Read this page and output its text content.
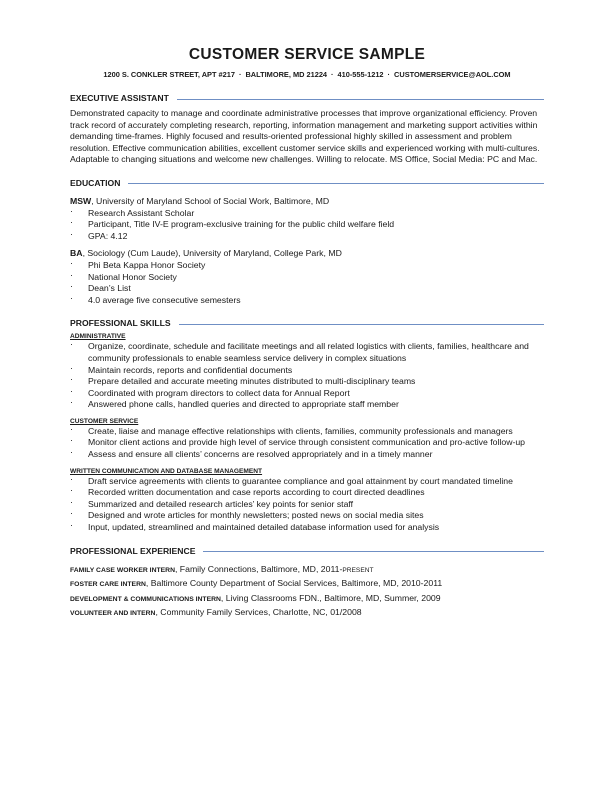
CUSTOMER SERVICE SAMPLE
1200 S. CONKLER STREET, APT #217 · BALTIMORE, MD 21224 · 410-555-1212 · CUSTOMERSERVICE@AOL.COM
EXECUTIVE ASSISTANT

Demonstrated capacity to manage and coordinate administrative processes that improve organizational efficiency. Proven track record of accurately completing research, reporting, information management and marketing support activities within demanding time-frames. Highly focused and results-oriented professional highly skilled in assessment and problem resolution. Effective communication abilities, excellent customer service skills and experienced working with multi-cultures. Adaptable to changing situations and welcome new challenges. Willing to relocate. MS Office, Social Media: PC and Mac.

EDUCATION
MSW, University of Maryland School of Social Work, Baltimore, MD
· Research Assistant Scholar
· Participant, Title IV-E program-exclusive training for the public child welfare field
· GPA: 4.12
BA, Sociology (Cum Laude), University of Maryland, College Park, MD
· Phi Beta Kappa Honor Society
· National Honor Society
· Dean’s List
· 4.0 average five consecutive semesters
PROFESSIONAL SKILLS
ADMINISTRATIVE
· Organize, coordinate, schedule and facilitate meetings and all related logistics with clients, families, healthcare and community professionals to enable seamless service delivery in complex situations
· Maintain records, reports and confidential documents
· Prepare detailed and accurate meeting minutes distributed to multi-disciplinary teams
· Coordinated with program directors to collect data for Annual Report
· Answered phone calls, handled queries and directed to appropriate staff member
CUSTOMER SERVICE
· Create, liaise and manage effective relationships with clients, families, community professionals and managers
· Monitor client actions and provide high level of service through consistent communication and pro-active follow-up
· Assess and ensure all clients’ concerns are resolved appropriately and in a timely manner
WRITTEN COMMUNICATION AND DATABASE MANAGEMENT
· Draft service agreements with clients to guarantee compliance and goal attainment by court mandated timeline
· Recorded written documentation and case reports according to court directed deadlines
· Summarized and detailed research articles’ key points for senior staff
· Designed and wrote articles for monthly newsletters; posted news on social media sites
· Input, updated, streamlined and maintained detailed database information used for analysis
PROFESSIONAL EXPERIENCE
FAMILY CASE WORKER INTERN, Family Connections, Baltimore, MD, 2011-PRESENT
FOSTER CARE INTERN, Baltimore County Department of Social Services, Baltimore, MD, 2010-2011
DEVELOPMENT & COMMUNICATIONS INTERN, Living Classrooms FDN., Baltimore, MD, Summer, 2009
VOLUNTEER AND INTERN, Community Family Services, Charlotte, NC, 01/2008
